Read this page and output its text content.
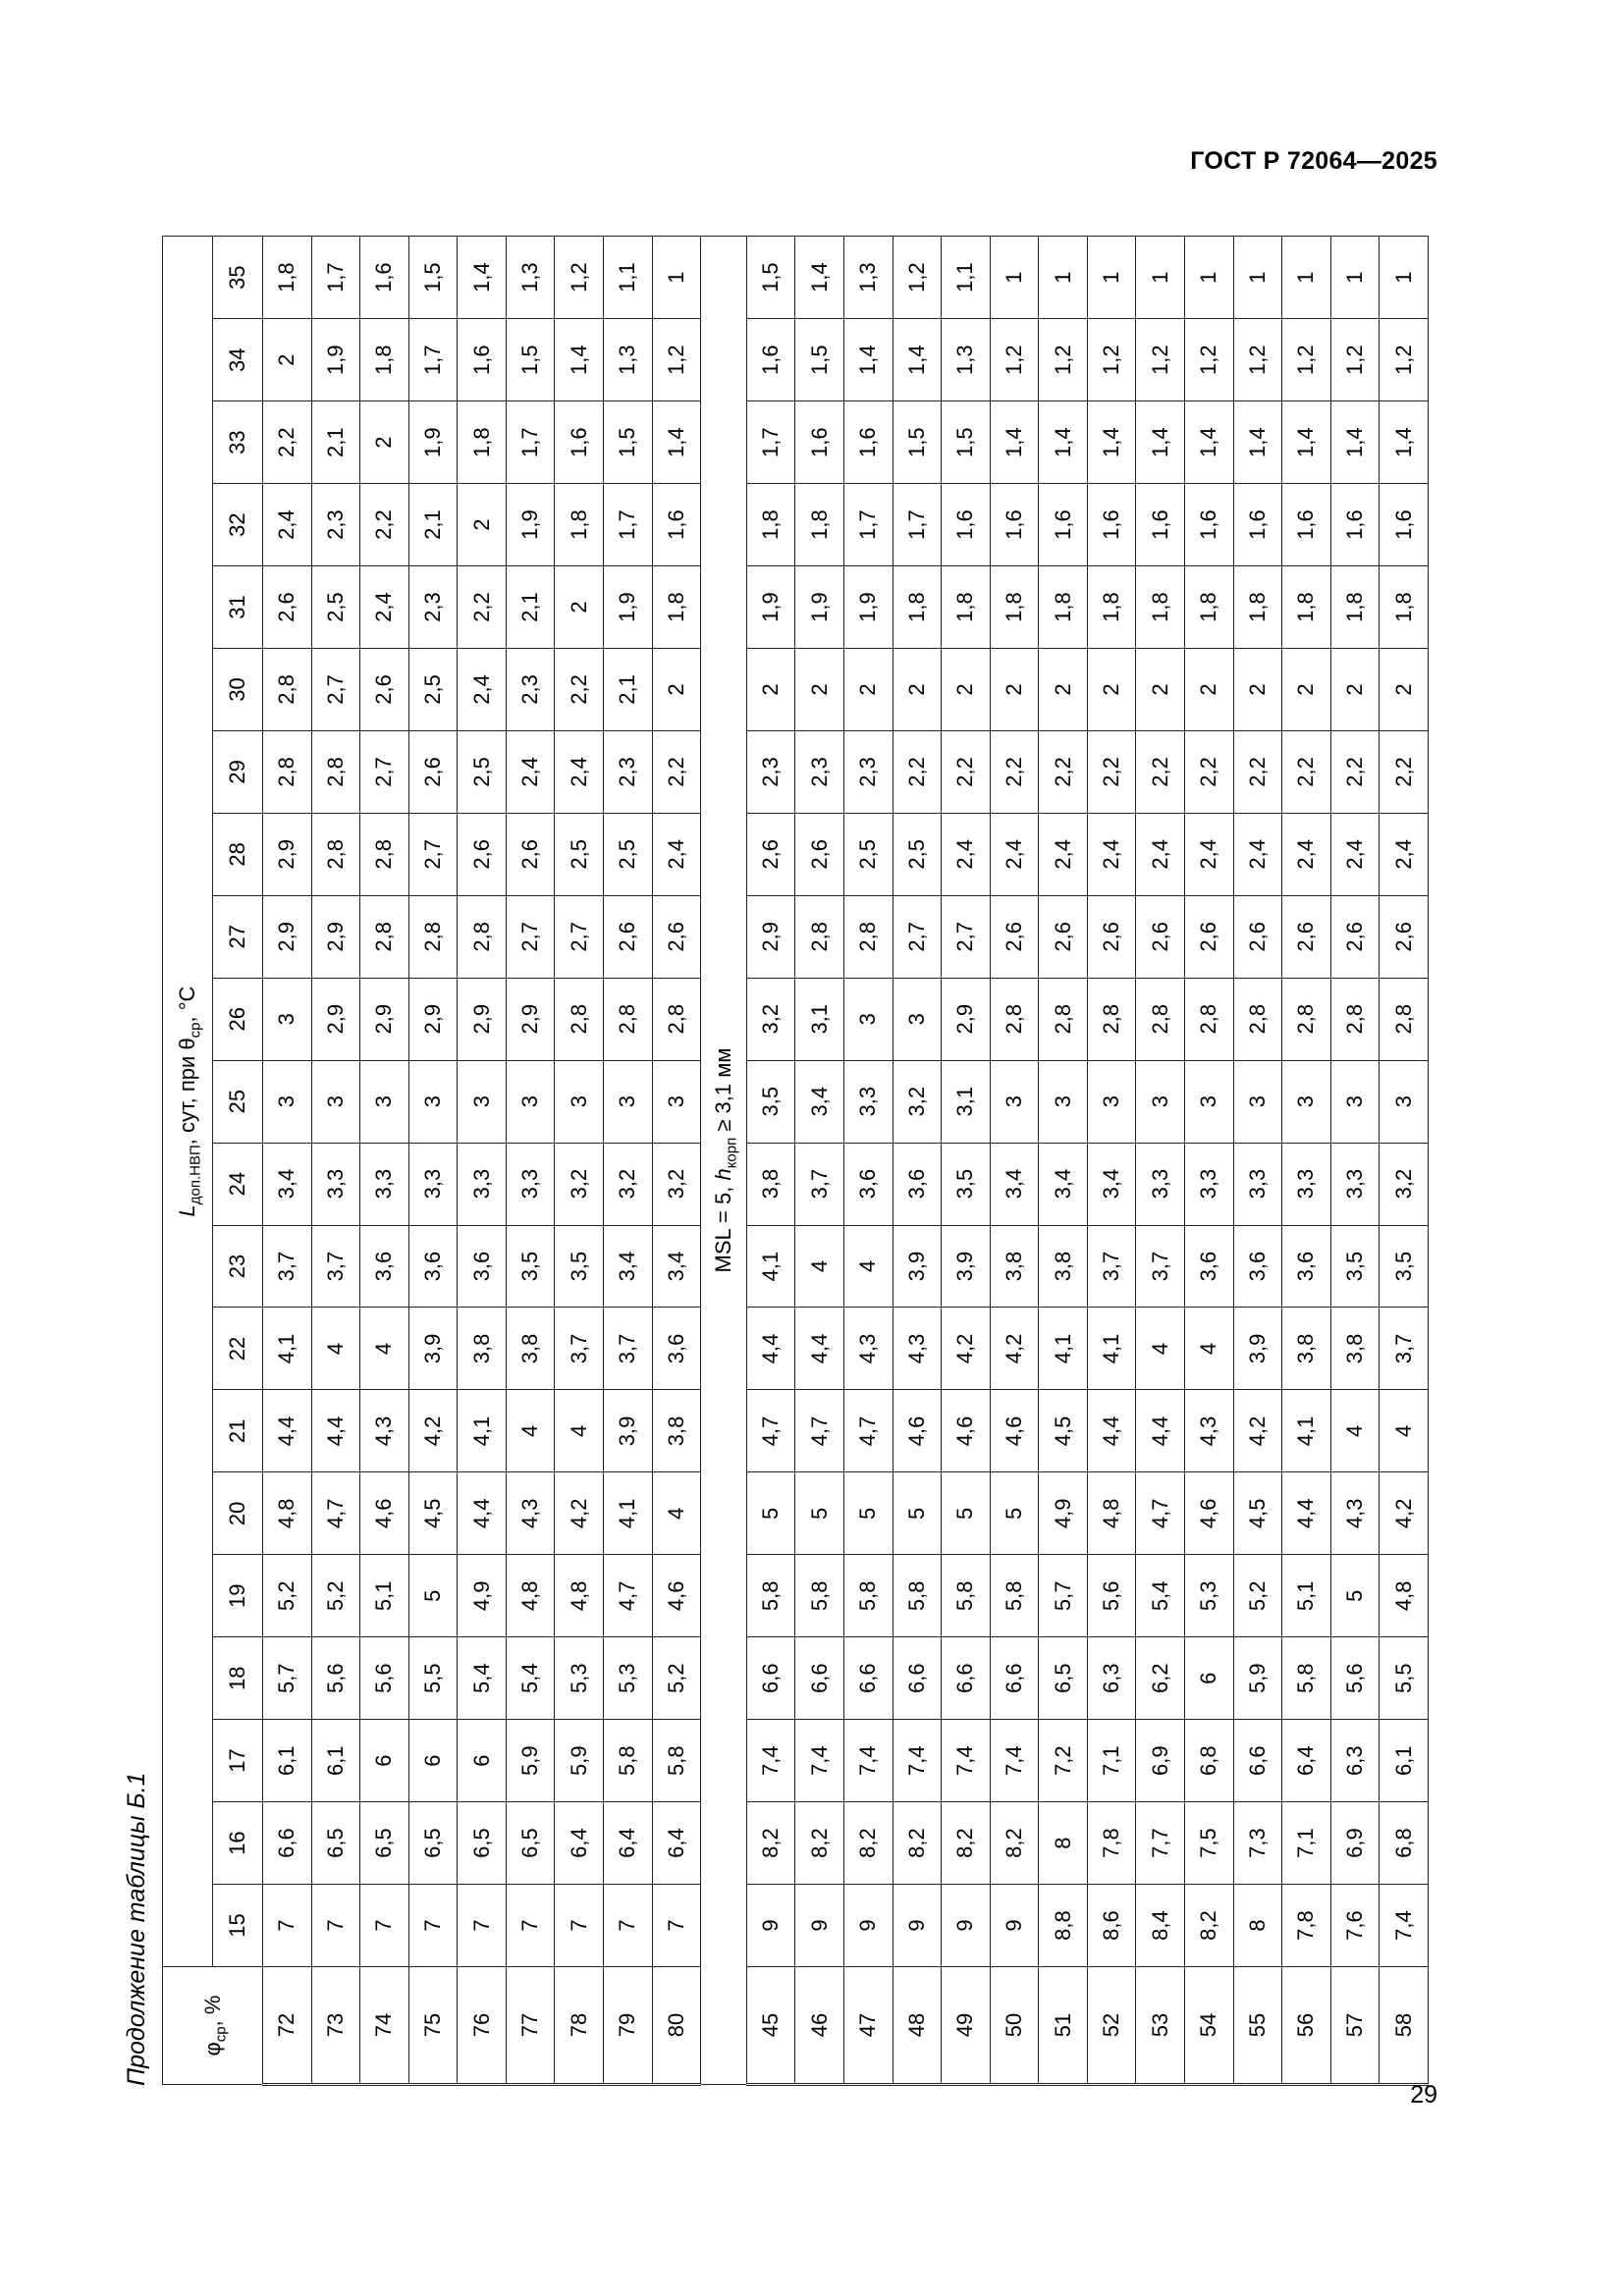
ГОСТ Р 72064—2025
Продолжение таблицы Б.1 $\varphi_{ср}$, %	$L_{доп.НВП}$, сут, при $\theta_{ср}$, °С																				
	15	16	17	18	19	20	21	22	23	24	25	26	27	28	29	30	31	32	33	34	35
72	7	6,6	6,1	5,7	5,2	4,8	4,4	4,1	3,7	3,4	3	3	2,9	2,9	2,8	2,8	2,6	2,4	2,2	2	1,8
73	7	6,5	6,1	5,6	5,2	4,7	4,4	4	3,7	3,3	3	2,9	2,9	2,8	2,8	2,7	2,5	2,3	2,1	1,9	1,7
74	7	6,5	6	5,6	5,1	4,6	4,3	4	3,6	3,3	3	2,9	2,8	2,8	2,7	2,6	2,4	2,2	2	1,8	1,6
75	7	6,5	6	5,5	5	4,5	4,2	3,9	3,6	3,3	3	2,9	2,8	2,7	2,6	2,5	2,3	2,1	1,9	1,7	1,5
76	7	6,5	6	5,4	4,9	4,4	4,1	3,8	3,6	3,3	3	2,9	2,8	2,6	2,5	2,4	2,2	2	1,8	1,6	1,4
77	7	6,5	5,9	5,4	4,8	4,3	4	3,8	3,5	3,3	3	2,9	2,7	2,6	2,4	2,3	2,1	1,9	1,7	1,5	1,3
78	7	6,4	5,9	5,3	4,8	4,2	4	3,7	3,5	3,2	3	2,8	2,7	2,5	2,4	2,2	2	1,8	1,6	1,4	1,2
79	7	6,4	5,8	5,3	4,7	4,1	3,9	3,7	3,4	3,2	3	2,8	2,6	2,5	2,3	2,1	1,9	1,7	1,5	1,3	1,1
80	7	6,4	5,8	5,2	4,6	4	3,8	3,6	3,4	3,2	3	2,8	2,6	2,4	2,2	2	1,8	1,6	1,4	1,2	1
MSL = 5, $h_{корп} \ge 3,1$ мм																					
45	9	8,2	7,4	6,6	5,8	5	4,7	4,4	4,1	3,8	3,5	3,2	2,9	2,6	2,3	2	1,9	1,8	1,7	1,6	1,5
46	9	8,2	7,4	6,6	5,8	5	4,7	4,4	4	3,7	3,4	3,1	2,8	2,6	2,3	2	1,9	1,8	1,6	1,5	1,4
47	9	8,2	7,4	6,6	5,8	5	4,7	4,3	4	3,6	3,3	3	2,8	2,5	2,3	2	1,9	1,7	1,6	1,4	1,3
48	9	8,2	7,4	6,6	5,8	5	4,6	4,3	3,9	3,6	3,2	3	2,7	2,5	2,2	2	1,8	1,7	1,5	1,4	1,2
49	9	8,2	7,4	6,6	5,8	5	4,6	4,2	3,9	3,5	3,1	2,9	2,7	2,4	2,2	2	1,8	1,6	1,5	1,3	1,1
50	9	8,2	7,4	6,6	5,8	5	4,6	4,2	3,8	3,4	3	2,8	2,6	2,4	2,2	2	1,8	1,6	1,4	1,2	1
51	8,8	8	7,2	6,5	5,7	4,9	4,5	4,1	3,8	3,4	3	2,8	2,6	2,4	2,2	2	1,8	1,6	1,4	1,2	1
52	8,6	7,8	7,1	6,3	5,6	4,8	4,4	4,1	3,7	3,4	3	2,8	2,6	2,4	2,2	2	1,8	1,6	1,4	1,2	1
53	8,4	7,7	6,9	6,2	5,4	4,7	4,4	4	3,7	3,3	3	2,8	2,6	2,4	2,2	2	1,8	1,6	1,4	1,2	1
54	8,2	7,5	6,8	6	5,3	4,6	4,3	4	3,6	3,3	3	2,8	2,6	2,4	2,2	2	1,8	1,6	1,4	1,2	1
55	8	7,3	6,6	5,9	5,2	4,5	4,2	3,9	3,6	3,3	3	2,8	2,6	2,4	2,2	2	1,8	1,6	1,4	1,2	1
56	7,8	7,1	6,4	5,8	5,1	4,4	4,1	3,8	3,6	3,3	3	2,8	2,6	2,4	2,2	2	1,8	1,6	1,4	1,2	1
57	7,6	6,9	6,3	5,6	5	4,3	4	3,8	3,5	3,3	3	2,8	2,6	2,4	2,2	2	1,8	1,6	1,4	1,2	1
58	7,4	6,8	6,1	5,5	4,8	4,2	4	3,7	3,5	3,2	3	2,8	2,6	2,4	2,2	2	1,8	1,6	1,4	1,2	1
29
